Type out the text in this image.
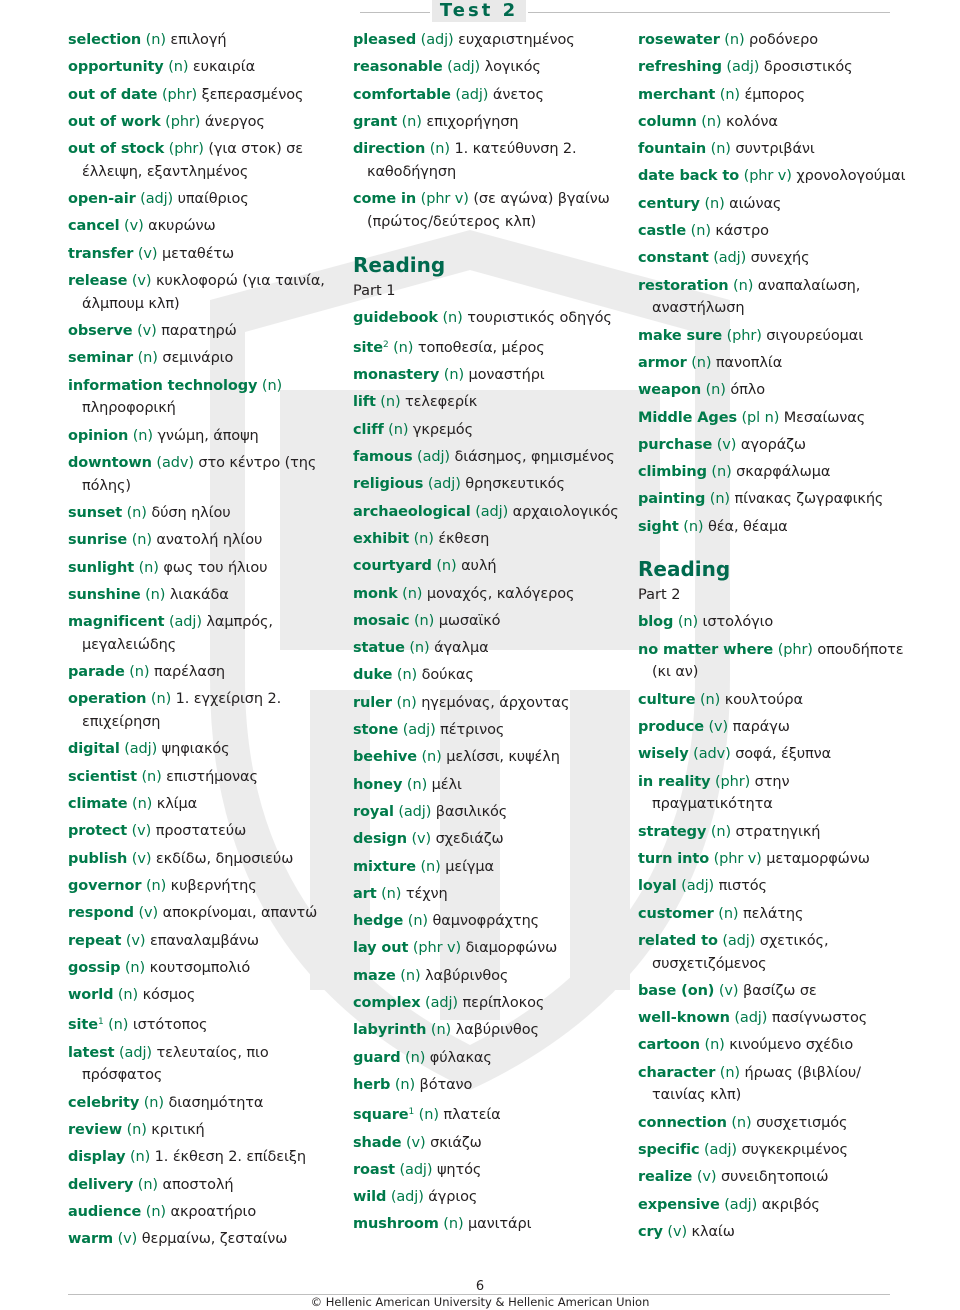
Test 2
selection (n) επιλογή
opportunity (n) ευκαιρία
out of date (phr) ξεπερασμένος
out of work (phr) άνεργος
out of stock (phr) (για στοκ) σε έλλειψη, εξαντλημένος
open-air (adj) υπαίθριος
cancel (v) ακυρώνω
transfer (v) μεταθέτω
release (v) κυκλοφορώ (για ταινία, άλμπουμ κλπ)
observe (v) παρατηρώ
seminar (n) σεμινάριο
information technology (n) πληροφορική
opinion (n) γνώμη, άποψη
downtown (adv) στο κέντρο (της πόλης)
sunset (n) δύση ηλίου
sunrise (n) ανατολή ηλίου
sunlight (n) φως του ήλιου
sunshine (n) λιακάδα
magnificent (adj) λαμπρός, μεγαλειώδης
parade (n) παρέλαση
operation (n) 1. εγχείριση 2. επιχείρηση
digital (adj) ψηφιακός
scientist (n) επιστήμονας
climate (n) κλίμα
protect (v) προστατεύω
publish (v) εκδίδω, δημοσιεύω
governor (n) κυβερνήτης
respond (v) αποκρίνομαι, απαντώ
repeat (v) επαναλαμβάνω
gossip (n) κουτσομπολιό
world (n) κόσμος
site$^1$ (n) ιστότοπος
latest (adj) τελευταίος, πιο πρόσφατος
celebrity (n) διασημότητα
review (n) κριτική
display (n) 1. έκθεση 2. επίδειξη
delivery (n) αποστολή
audience (n) ακροατήριο
warm (v) θερμαίνω, ζεσταίνω
pleased (adj) ευχαριστημένος
reasonable (adj) λογικός
comfortable (adj) άνετος
grant (n) επιχορήγηση
direction (n) 1. κατεύθυνση 2. καθοδήγηση
come in (phr v) (σε αγώνα) βγαίνω (πρώτος/δεύτερος κλπ)
Reading
Part 1
guidebook (n) τουριστικός οδηγός
site$^2$ (n) τοποθεσία, μέρος
monastery (n) μοναστήρι
lift (n) τελεφερίκ
cliff (n) γκρεμός
famous (adj) διάσημος, φημισμένος
religious (adj) θρησκευτικός
archaeological (adj) αρχαιολογικός
exhibit (n) έκθεση
courtyard (n) αυλή
monk (n) μοναχός, καλόγερος
mosaic (n) μωσαϊκό
statue (n) άγαλμα
duke (n) δούκας
ruler (n) ηγεμόνας, άρχοντας
stone (adj) πέτρινος
beehive (n) μελίσσι, κυψέλη
honey (n) μέλι
royal (adj) βασιλικός
design (v) σχεδιάζω
mixture (n) μείγμα
art (n) τέχνη
hedge (n) θαμνοφράχτης
lay out (phr v) διαμορφώνω
maze (n) λαβύρινθος
complex (adj) περίπλοκος
labyrinth (n) λαβύρινθος
guard (n) φύλακας
herb (n) βότανο
square$^1$ (n) πλατεία
shade (v) σκιάζω
roast (adj) ψητός
wild (adj) άγριος
mushroom (n) μανιτάρι
rosewater (n) ροδόνερο
refreshing (adj) δροσιστικός
merchant (n) έμπορος
column (n) κολόνα
fountain (n) συντριβάνι
date back to (phr v) χρονολογούμαι
century (n) αιώνας
castle (n) κάστρο
constant (adj) συνεχής
restoration (n) αναπαλαίωση, αναστήλωση
make sure (phr) σιγουρεύομαι
armor (n) πανοπλία
weapon (n) όπλο
Middle Ages (pl n) Μεσαίωνας
purchase (v) αγοράζω
climbing (n) σκαρφάλωμα
painting (n) πίνακας ζωγραφικής
sight (n) θέα, θέαμα
Reading
Part 2
blog (n) ιστολόγιο
no matter where (phr) οπουδήποτε (κι αν)
culture (n) κουλτούρα
produce (v) παράγω
wisely (adv) σοφά, έξυπνα
in reality (phr) στην πραγματικότητα
strategy (n) στρατηγική
turn into (phr v) μεταμορφώνω
loyal (adj) πιστός
customer (n) πελάτης
related to (adj) σχετικός, συσχετιζόμενος
base (on) (v) βασίζω σε
well-known (adj) πασίγνωστος
cartoon (n) κινούμενο σχέδιο
character (n) ήρωας (βιβλίου/ ταινίας κλπ)
connection (n) συσχετισμός
specific (adj) συγκεκριμένος
realize (v) συνειδητοποιώ
expensive (adj) ακριβός
cry (v) κλαίω
6
© Hellenic American University & Hellenic American Union
